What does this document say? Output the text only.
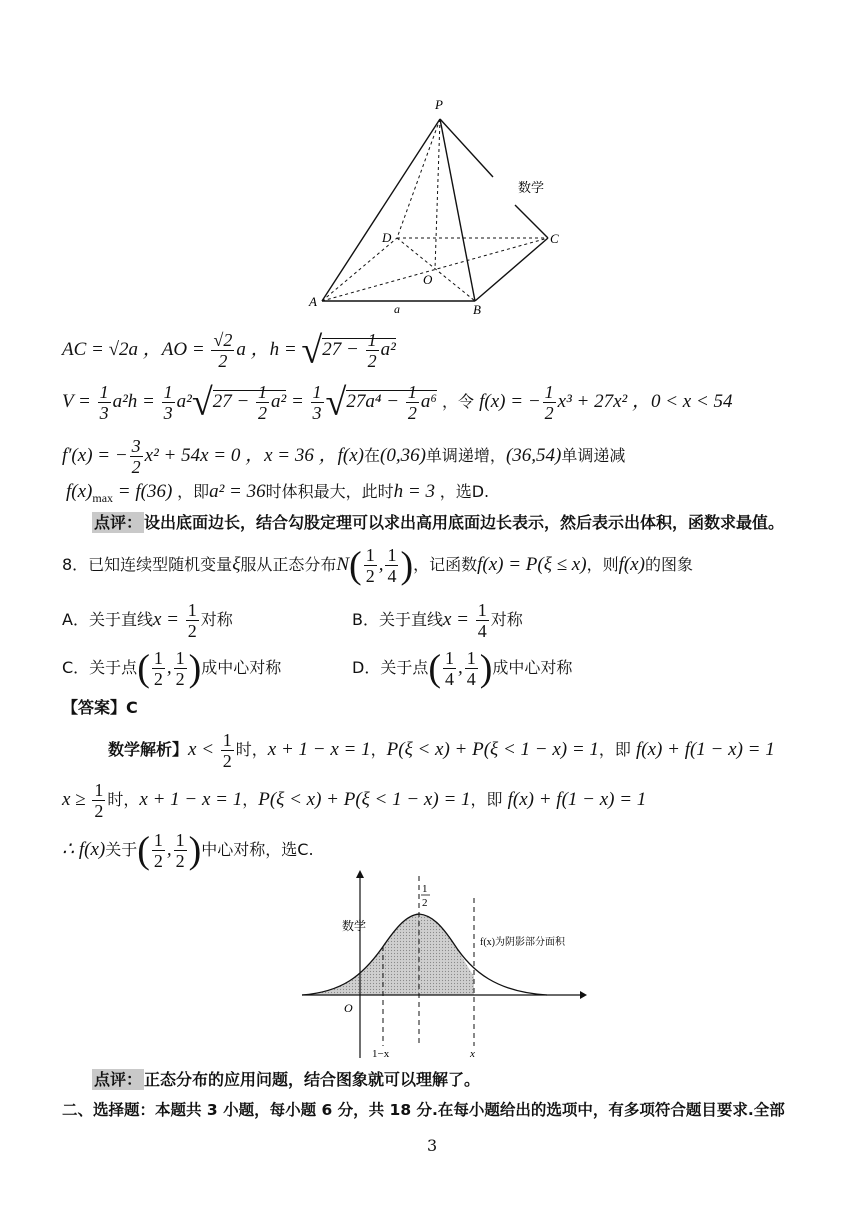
P
A
B
C
D
O
a
数学
AC = √2a ，AO = $\frac{√2}{2}$ a ，$h = √27 - \frac{1}{2} a^2$
$V = \frac{1}{3} a^2h = \frac{1}{3} a^2√27 - \frac{1}{2} a^2 = \frac{1}{3} √27a^4 - \frac{1}{2} a^6$ ，令 f(x) = − $\frac{1}{2} x^3 + 27x^2$ ，0 < x < 54
f′(x) = − $\frac{3}{2} x^2 + 54x = 0$ ，x = 36 ，f(x)在(0,36)单调递增，(36,54)单调递减
$f(x)_{max} = f(36)$ ，即a² = 36时体积最大，此时h = 3 ，选D.
点评： 设出底面边长，结合勾股定理可以求出高用底面边长表示，然后表示出体积，函数求最值。
8．已知连续型随机变量ξ服从正态分布$N( \frac{1}{2}$ , $\frac{1}{4}$ )，记函数f(x) = P(ξ ≤ x)，则f(x)的图象
A．关于直线$x = \frac{1}{2}$ 对称	B．关于直线$x = \frac{1}{4}$ 对称
C．关于点( $\frac{1}{2}$ , $\frac{1}{2}$ )成中心对称	D．关于点( $\frac{1}{4}$ , $\frac{1}{4}$ )成中心对称
【答案】C
数学解析】$x < \frac{1}{2}$ 时，x + 1 − x = 1，P(ξ < x) + P(ξ < 1 − x) = 1，即 f(x) + f(1 − x) = 1
$x \ge \frac{1}{2}$ 时，x + 1 − x = 1，P(ξ < x) + P(ξ < 1 − x) = 1，即 f(x) + f(1 − x) = 1
∴ f(x)关于( $\frac{1}{2}$ , $\frac{1}{2}$ )中心对称，选C.
1
2
数学
O
1−x	x
f(x)为阴影部分面积
点评： 正态分布的应用问题，结合图象就可以理解了。
二、选择题：本题共 3 小题，每小题 6 分，共 18 分.在每小题给出的选项中，有多项符合题目要求.全部
3
